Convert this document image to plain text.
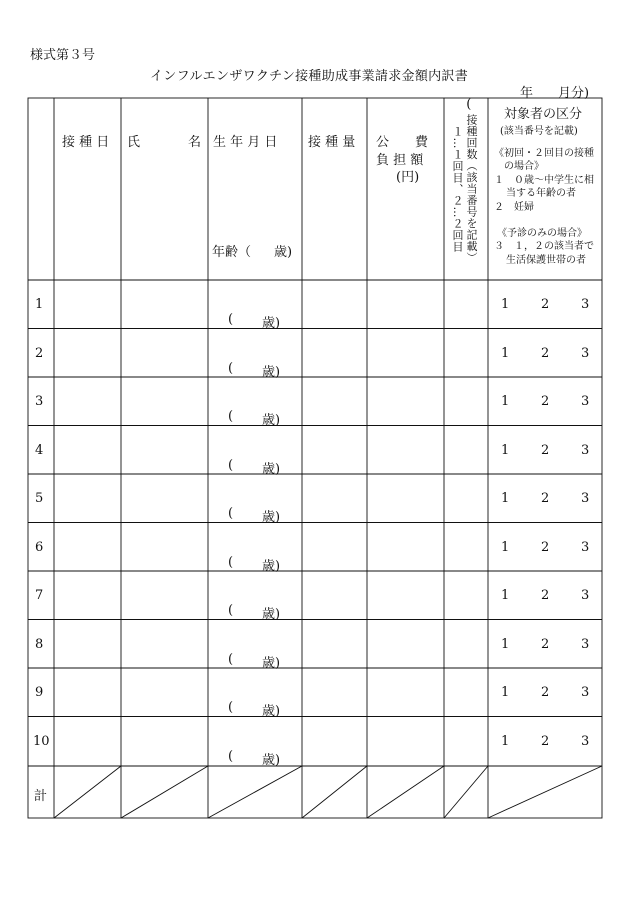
様式第３号
インフルエンザワクチン接種助成事業請求金額内訳書

(

年

月分)

接 種 日 氏	名 生 年 月 日
年齢（ 歳)
接 種 量 公　　費
負 担 額
(円)	接種回数（該当番号を記載）
１…１回目、２…２回目
対象者の区分
(該当番号を記載)
《初回・２回目の接種
の場合》
１　０歳～中学生に相
当する年齢の者
２　妊婦
《予診のみの場合》
３　１，２の該当者で
生活保護世帯の者
1
( 歳)
1 2 3
2
( 歳)
1 2 3
3
( 歳)
1 2 3
4
( 歳)
1 2 3
5
( 歳)
1 2 3
6
( 歳)
1 2 3
7
( 歳)
1 2 3
8
( 歳)
1 2 3
9
( 歳)
1 2 3
10
( 歳)
1 2 3
計
